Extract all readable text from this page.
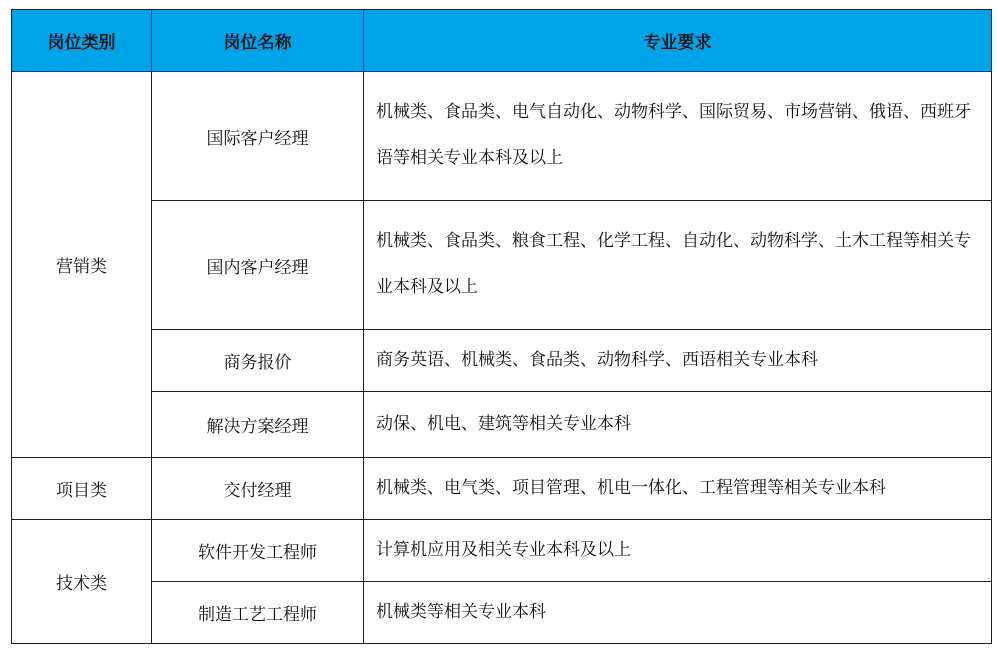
岗位类别	岗位名称	专业要求
营销类	国际客户经理	机械类、食品类、电气自动化、动物科学、国际贸易、市场营销、俄语、西班牙语等相关专业本科及以上
	国内客户经理	机械类、食品类、粮食工程、化学工程、自动化、动物科学、土木工程等相关专业本科及以上
	商务报价	商务英语、机械类、食品类、动物科学、西语相关专业本科
	解决方案经理	动保、机电、建筑等相关专业本科
项目类	交付经理	机械类、电气类、项目管理、机电一体化、工程管理等相关专业本科
技术类	软件开发工程师	计算机应用及相关专业本科及以上
	制造工艺工程师	机械类等相关专业本科
